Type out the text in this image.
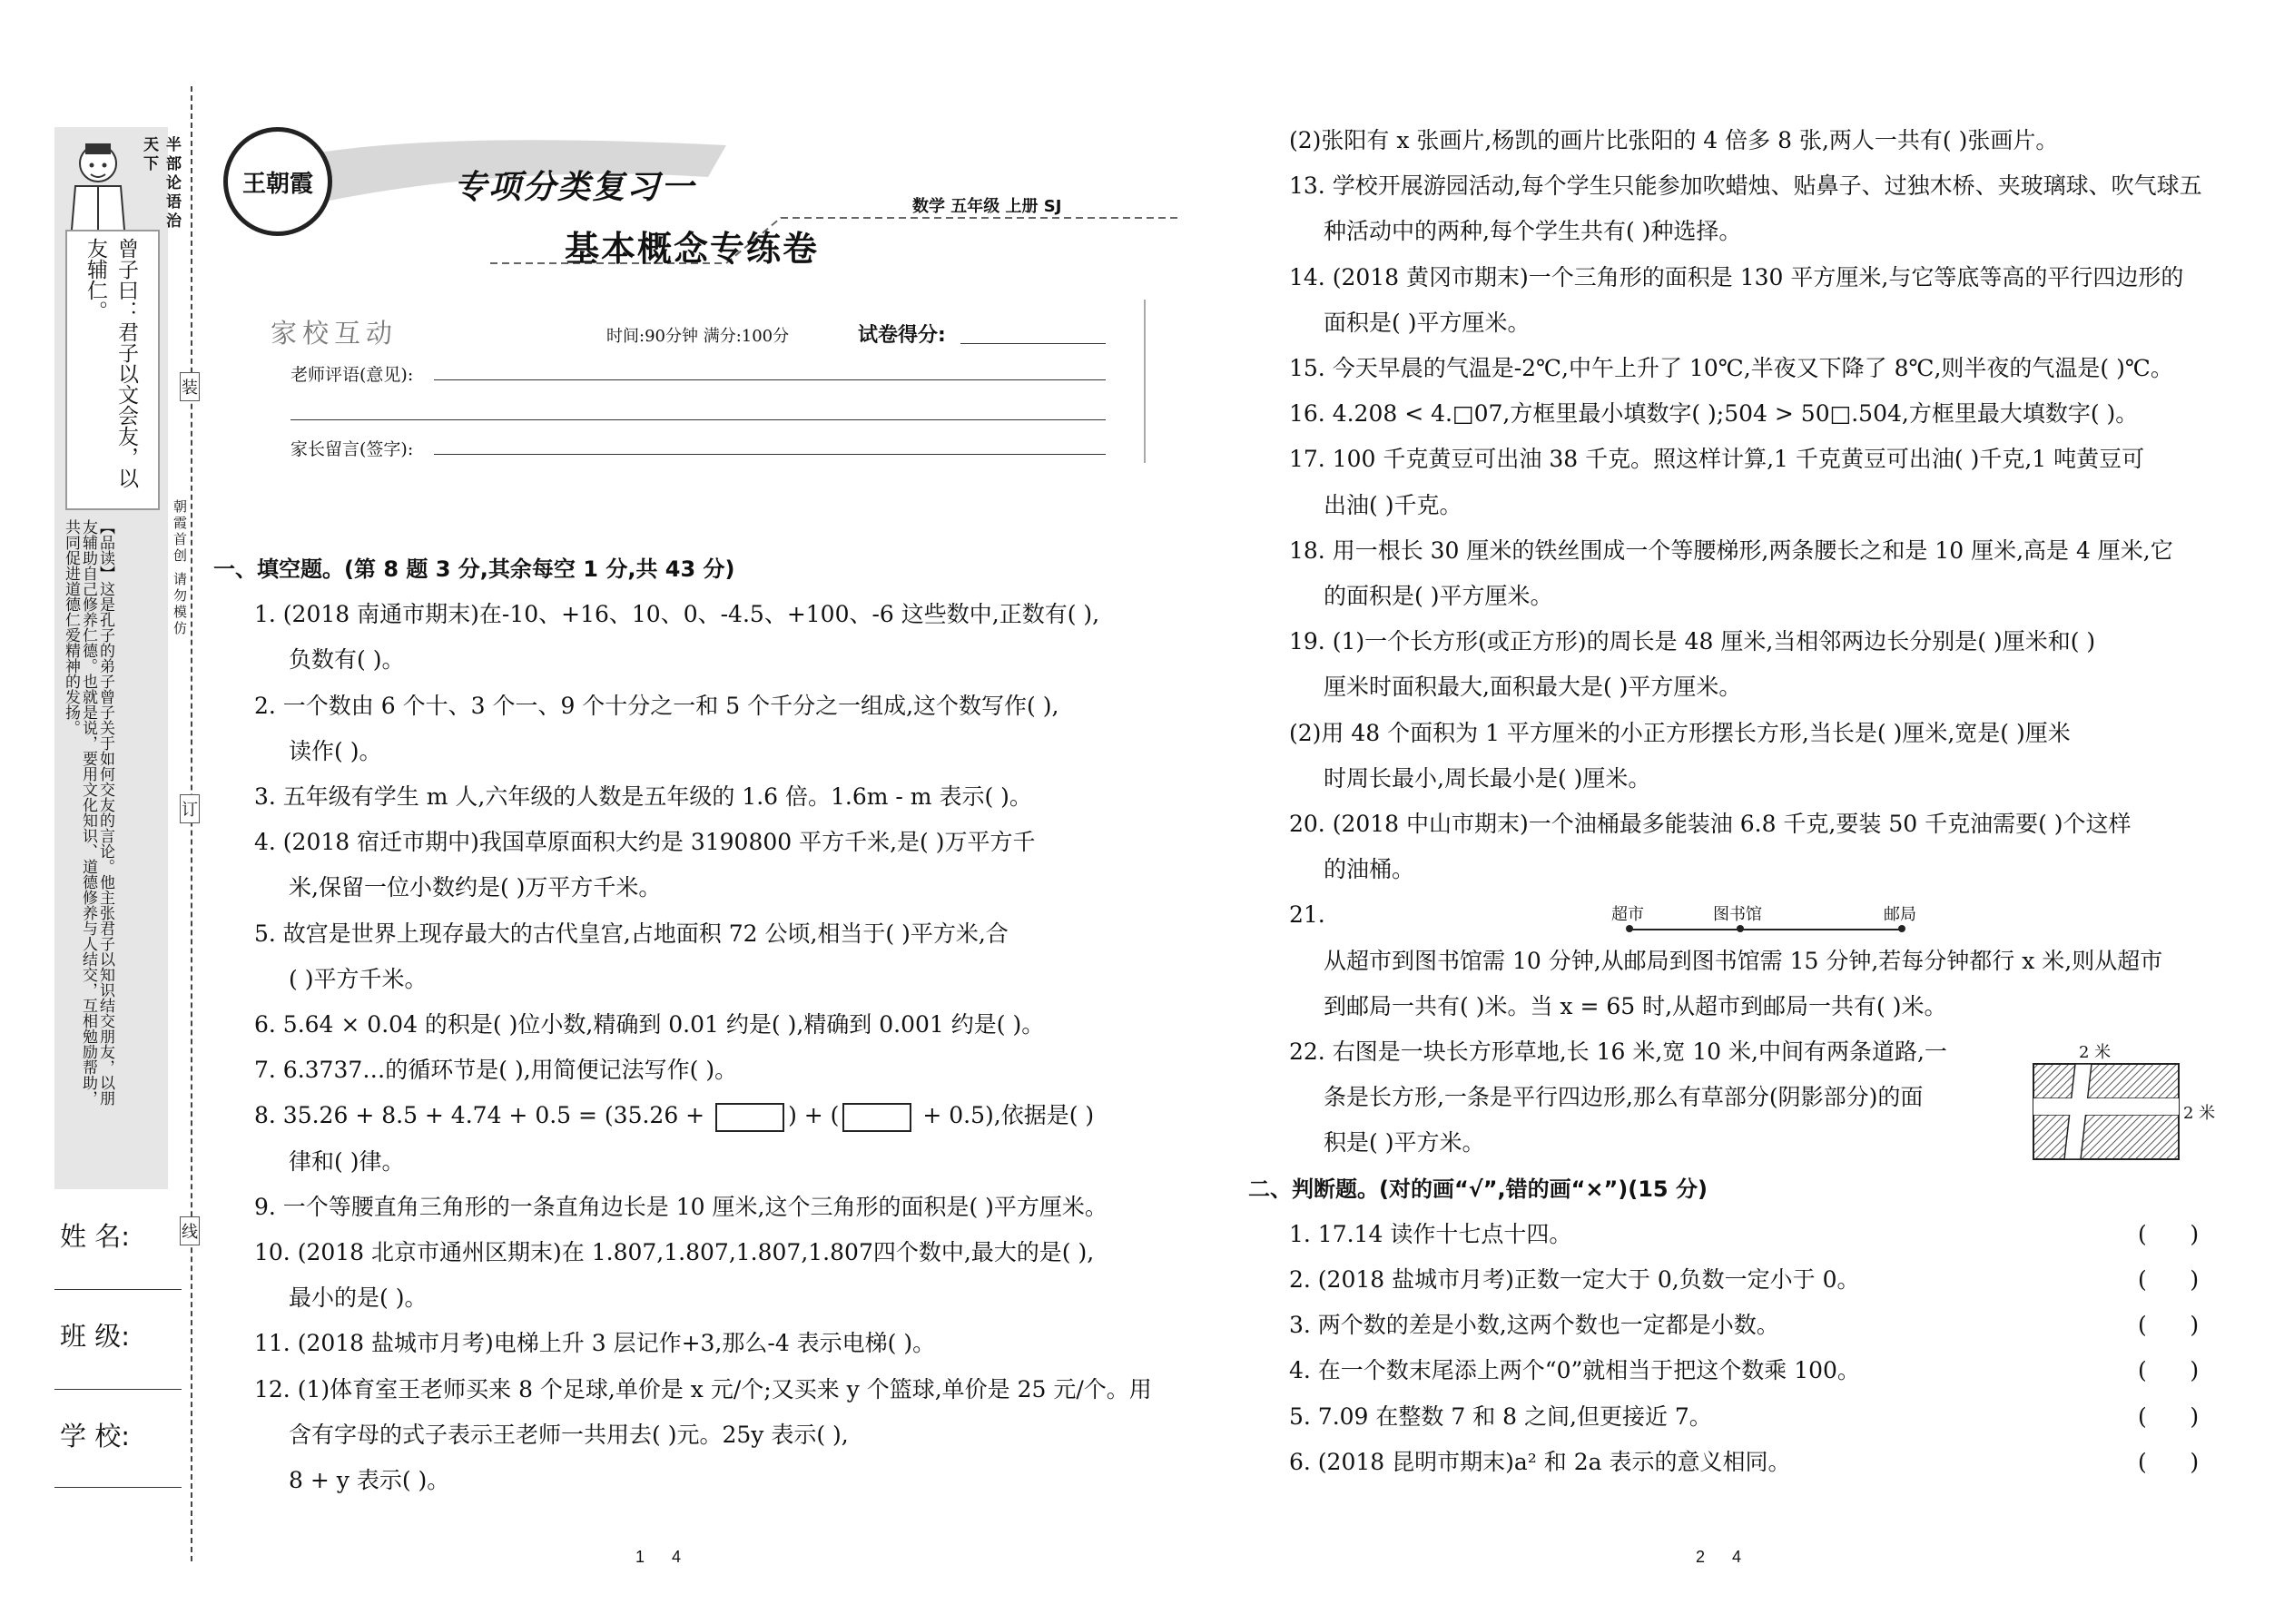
半部论语治天下
曾子曰：君子以文会友，以友辅仁。
【品读】这是孔子的弟子曾子关于如何交友的言论。他主张君子以知识结交朋友，以朋友辅助自己修养仁德。也就是说，要用文化知识、道德修养与人结交，互相勉励帮助，共同促进道德仁爱精神的发扬。
姓 名:
班 级:
学 校:
装
订
线
朝霞首创 请勿模仿
王朝霞	专项分类复习一
基本概念专练卷
数学 五年级 上册 SJ
家校互动	时间:90分钟 满分:100分	试卷得分:
老师评语(意见):
家长留言(签字):
一、填空题。(第 8 题 3 分,其余每空 1 分,共 43 分)
1. (2018 南通市期末)在-10、+16、10、0、-4.5、+100、-6 这些数中,正数有( ),
负数有( )。
2. 一个数由 6 个十、3 个一、9 个十分之一和 5 个千分之一组成,这个数写作( ),
读作( )。
3. 五年级有学生 m 人,六年级的人数是五年级的 1.6 倍。1.6m - m 表示( )。
4. (2018 宿迁市期中)我国草原面积大约是 3190800 平方千米,是( )万平方千
米,保留一位小数约是( )万平方千米。
5. 故宫是世界上现存最大的古代皇宫,占地面积 72 公顷,相当于( )平方米,合
( )平方千米。
6. 5.64 × 0.04 的积是( )位小数,精确到 0.01 约是( ),精确到 0.001 约是( )。
7. 6.3737…的循环节是( ),用简便记法写作( )。
8. 35.26 + 8.5 + 4.74 + 0.5 = (35.26 +	) + (	+ 0.5),依据是( )
律和( )律。
9. 一个等腰直角三角形的一条直角边长是 10 厘米,这个三角形的面积是( )平方厘米。
10. (2018 北京市通州区期末)在 1.807,1.807,1.807,1.807四个数中,最大的是( ),
最小的是( )。
11. (2018 盐城市月考)电梯上升 3 层记作+3,那么-4 表示电梯( )。
12. (1)体育室王老师买来 8 个足球,单价是 x 元/个;又买来 y 个篮球,单价是 25 元/个。用
含有字母的式子表示王老师一共用去( )元。25y 表示( ),
8 + y 表示( )。
(2)张阳有 x 张画片,杨凯的画片比张阳的 4 倍多 8 张,两人一共有( )张画片。
13. 学校开展游园活动,每个学生只能参加吹蜡烛、贴鼻子、过独木桥、夹玻璃球、吹气球五
种活动中的两种,每个学生共有( )种选择。
14. (2018 黄冈市期末)一个三角形的面积是 130 平方厘米,与它等底等高的平行四边形的
面积是( )平方厘米。
15. 今天早晨的气温是-2℃,中午上升了 10℃,半夜又下降了 8℃,则半夜的气温是( )℃。
16. 4.208 < 4.□07,方框里最小填数字( );504 > 50□.504,方框里最大填数字( )。
17. 100 千克黄豆可出油 38 千克。照这样计算,1 千克黄豆可出油( )千克,1 吨黄豆可
出油( )千克。
18. 用一根长 30 厘米的铁丝围成一个等腰梯形,两条腰长之和是 10 厘米,高是 4 厘米,它
的面积是( )平方厘米。
19. (1)一个长方形(或正方形)的周长是 48 厘米,当相邻两边长分别是( )厘米和( )
厘米时面积最大,面积最大是( )平方厘米。
(2)用 48 个面积为 1 平方厘米的小正方形摆长方形,当长是( )厘米,宽是( )厘米
时周长最小,周长最小是( )厘米。
20. (2018 中山市期末)一个油桶最多能装油 6.8 千克,要装 50 千克油需要( )个这样
的油桶。
21.
从超市到图书馆需 10 分钟,从邮局到图书馆需 15 分钟,若每分钟都行 x 米,则从超市
到邮局一共有( )米。当 x = 65 时,从超市到邮局一共有( )米。
22. 右图是一块长方形草地,长 16 米,宽 10 米,中间有两条道路,一
条是长方形,一条是平行四边形,那么有草部分(阴影部分)的面
积是( )平方米。
二、判断题。(对的画“√”,错的画“×”)(15 分)
1. 17.14 读作十七点十四。	(      )
2. (2018 盐城市月考)正数一定大于 0,负数一定小于 0。	(      )
3. 两个数的差是小数,这两个数也一定都是小数。	(      )
4. 在一个数末尾添上两个“0”就相当于把这个数乘 100。	(      )
5. 7.09 在整数 7 和 8 之间,但更接近 7。	(      )
6. (2018 昆明市期末)a² 和 2a 表示的意义相同。	(      )
超市	图书馆	邮局
2 米
2 米
1      4	2      4
